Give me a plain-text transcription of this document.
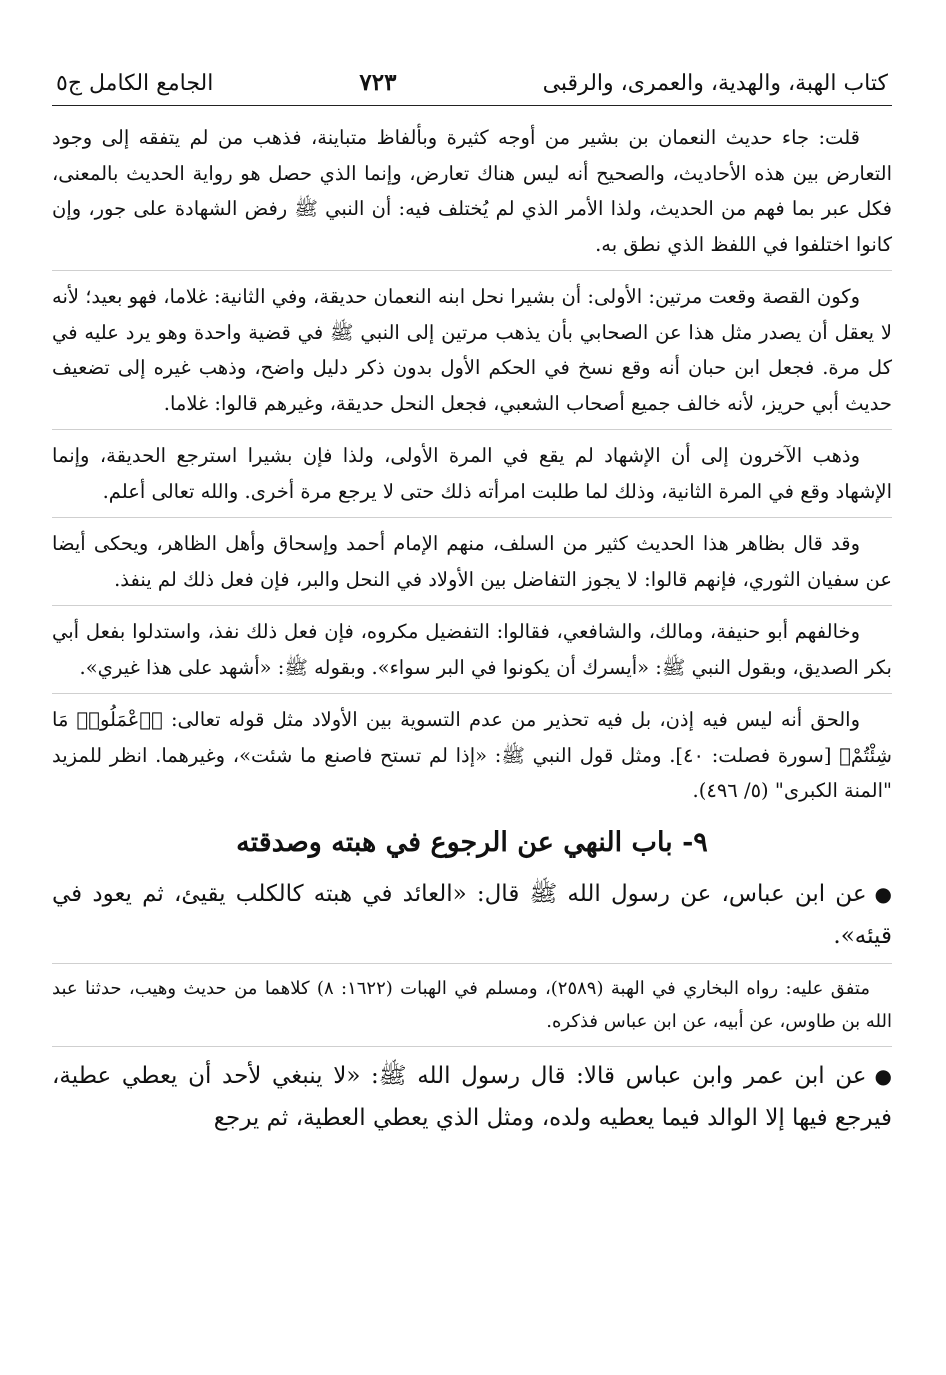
كتاب الهبة، والهدية، والعمرى، والرقبى
٧٢٣
الجامع الكامل ج٥

قلت: جاء حديث النعمان بن بشير من أوجه كثيرة وبألفاظ متباينة، فذهب من لم يتفقه إلى وجود التعارض بين هذه الأحاديث، والصحيح أنه ليس هناك تعارض، وإنما الذي حصل هو رواية الحديث بالمعنى، فكل عبر بما فهم من الحديث، ولذا الأمر الذي لم يُختلف فيه: أن النبي ﷺ رفض الشهادة على جور، وإن كانوا اختلفوا في اللفظ الذي نطق به.

وكون القصة وقعت مرتين: الأولى: أن بشيرا نحل ابنه النعمان حديقة، وفي الثانية: غلاما، فهو بعيد؛ لأنه لا يعقل أن يصدر مثل هذا عن الصحابي بأن يذهب مرتين إلى النبي ﷺ في قضية واحدة وهو يرد عليه في كل مرة. فجعل ابن حبان أنه وقع نسخ في الحكم الأول بدون ذكر دليل واضح، وذهب غيره إلى تضعيف حديث أبي حريز، لأنه خالف جميع أصحاب الشعبي، فجعل النحل حديقة، وغيرهم قالوا: غلاما.

وذهب الآخرون إلى أن الإشهاد لم يقع في المرة الأولى، ولذا فإن بشيرا استرجع الحديقة، وإنما الإشهاد وقع في المرة الثانية، وذلك لما طلبت امرأته ذلك حتى لا يرجع مرة أخرى. والله تعالى أعلم.

وقد قال بظاهر هذا الحديث كثير من السلف، منهم الإمام أحمد وإسحاق وأهل الظاهر، ويحكى أيضا عن سفيان الثوري، فإنهم قالوا: لا يجوز التفاضل بين الأولاد في النحل والبر، فإن فعل ذلك لم ينفذ.

وخالفهم أبو حنيفة، ومالك، والشافعي، فقالوا: التفضيل مكروه، فإن فعل ذلك نفذ، واستدلوا بفعل أبي بكر الصديق، وبقول النبي ﷺ: «أيسرك أن يكونوا في البر سواء». وبقوله ﷺ: «أشهد على هذا غيري».

والحق أنه ليس فيه إذن، بل فيه تحذير من عدم التسوية بين الأولاد مثل قوله تعالى: ﴿ٱعْمَلُوا۟ مَا شِئْتُمْ﴾ [سورة فصلت: ٤٠]. ومثل قول النبي ﷺ: «إذا لم تستح فاصنع ما شئت»، وغيرهما. انظر للمزيد "المنة الكبرى" (٥/ ٤٩٦).

٩- باب النهي عن الرجوع في هبته وصدقته

●عن ابن عباس، عن رسول الله ﷺ قال: «العائد في هبته كالكلب يقيئ، ثم يعود في قيئه».

متفق عليه: رواه البخاري في الهبة (٢٥٨٩)، ومسلم في الهبات (١٦٢٢: ٨) كلاهما من حديث وهيب، حدثنا عبد الله بن طاوس، عن أبيه، عن ابن عباس فذكره.

●عن ابن عمر وابن عباس قالا: قال رسول الله ﷺ: «لا ينبغي لأحد أن يعطي عطية، فيرجع فيها إلا الوالد فيما يعطيه ولده، ومثل الذي يعطي العطية، ثم يرجع
